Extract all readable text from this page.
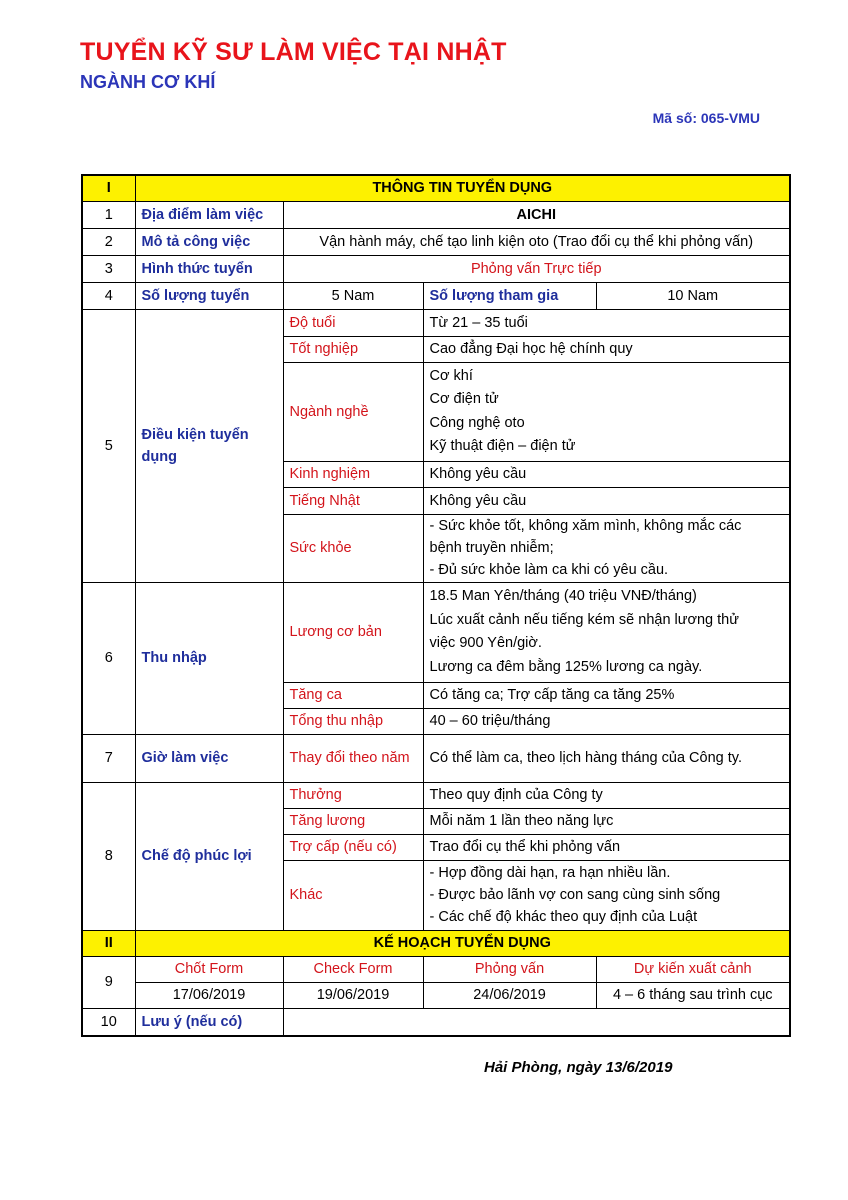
TUYỂN KỸ SƯ LÀM VIỆC TẠI NHẬT
NGÀNH CƠ KHÍ
Mã số: 065-VMU
I	THÔNG TIN TUYỂN DỤNG			
1	Địa điểm làm việc	AICHI		
2	Mô tả công việc	Vận hành máy, chế tạo linh kiện oto (Trao đổi cụ thể khi phỏng vấn)		
3	Hình thức tuyển	Phỏng vấn Trực tiếp		
4	Số lượng tuyển	5 Nam	Số lượng tham gia	10 Nam
5	Điều kiện tuyển dụng	Độ tuổi	Từ 21 – 35 tuổi	
		Tốt nghiệp	Cao đẳng Đại học hệ chính quy	
		Ngành nghề	Cơ khí
Cơ điện tử
Công nghệ oto
Kỹ thuật điện – điện tử	

		Kinh nghiệm	Không yêu cầu	
		Tiếng Nhật	Không yêu cầu	
		Sức khỏe	- Sức khỏe tốt, không xăm mình, không mắc các
bệnh truyền nhiễm;
- Đủ sức khỏe làm ca khi có yêu cầu.	

6	Thu nhập	Lương cơ bản	18.5 Man Yên/tháng (40 triệu VNĐ/tháng)
Lúc xuất cảnh nếu tiếng kém sẽ nhận lương thử
việc 900 Yên/giờ.
Lương ca đêm bằng 125% lương ca ngày.	

		Tăng ca	Có tăng ca; Trợ cấp tăng ca tăng 25%	
		Tổng thu nhập	40 – 60 triệu/tháng	
7	Giờ làm việc	Thay đổi theo năm	Có thể làm ca, theo lịch hàng tháng của Công ty.	
8	Chế độ phúc lợi	Thưởng	Theo quy định của Công ty	
		Tăng lương	Mỗi năm 1 lần theo năng lực	
		Trợ cấp (nếu có)	Trao đổi cụ thể khi phỏng vấn	
		Khác	- Hợp đồng dài hạn, ra hạn nhiều lần.
- Được bảo lãnh vợ con sang cùng sinh sống
- Các chế độ khác theo quy định của Luật	

II	KẾ HOẠCH TUYỂN DỤNG			
9	Chốt Form	Check Form	Phỏng vấn	Dự kiến xuất cảnh
	17/06/2019	19/06/2019	24/06/2019	4 – 6 tháng sau trình cục
10	Lưu ý (nếu có)			
Hải Phòng, ngày 13/6/2019
